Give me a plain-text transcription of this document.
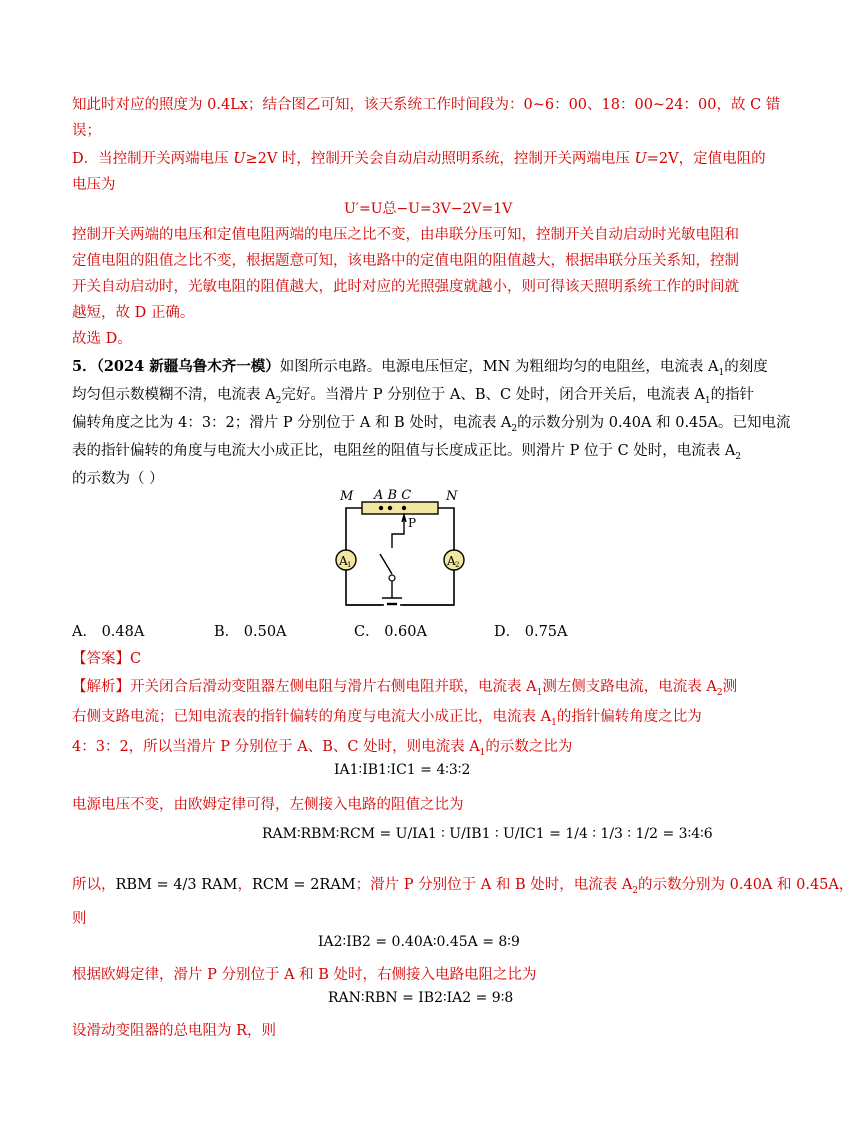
知此时对应的照度为 0.4Lx；结合图乙可知，该天系统工作时间段为：0~6：00、18：00~24：00，故 C 错
误；
D．当控制开关两端电压 U≥2V 时，控制开关会自动启动照明系统，控制开关两端电压 U=2V，定值电阻的
电压为
U′=U总−U=3V−2V=1V
控制开关两端的电压和定值电阻两端的电压之比不变，由串联分压可知，控制开关自动启动时光敏电阻和
定值电阻的阻值之比不变，根据题意可知，该电路中的定值电阻的阻值越大，根据串联分压关系知，控制
开关自动启动时，光敏电阻的阻值越大，此时对应的光照强度就越小，则可得该天照明系统工作的时间就
越短，故 D 正确。
故选 D。
5．（2024 新疆乌鲁木齐一模）如图所示电路。电源电压恒定，MN 为粗细均匀的电阻丝，电流表 $A_1$的刻度
均匀但示数模糊不清，电流表 $A_2$完好。当滑片 P 分别位于 A、B、C 处时，闭合开关后，电流表 $A_1$的指针
偏转角度之比为 4：3：2；滑片 P 分别位于 A 和 B 处时，电流表 $A_2$的示数分别为 0.40A 和 0.45A。已知电流
表的指针偏转的角度与电流大小成正比，电阻丝的阻值与长度成正比。则滑片 P 位于 C 处时，电流表 $A_2$
的示数为（ ）
A 1	A 2
M A B C	N
P
A． 0.48A	B． 0.50A	C． 0.60A	D． 0.75A
【答案】C
【解析】开关闭合后滑动变阻器左侧电阻与滑片右侧电阻并联，电流表 $A_1$测左侧支路电流，电流表 $A_2$测
右侧支路电流；已知电流表的指针偏转的角度与电流大小成正比，电流表 $A_1$的指针偏转角度之比为
4：3：2，所以当滑片 P 分别位于 A、B、C 处时，则电流表 $A_1$的示数之比为
IA1∶IB1∶IC1 = 4∶3∶2
电源电压不变，由欧姆定律可得，左侧接入电路的阻值之比为
RAM∶RBM∶RCM = U/IA1 ∶ U/IB1 ∶ U/IC1 = 1/4 ∶ 1/3 ∶ 1/2 = 3∶4∶6
所以，RBM = 4/3 RAM，RCM = 2RAM；滑片 P 分别位于 A 和 B 处时，电流表 $A_2$的示数分别为 0.40A 和 0.45A，
则
IA2∶IB2 = 0.40A∶0.45A = 8∶9
根据欧姆定律，滑片 P 分别位于 A 和 B 处时，右侧接入电路电阻之比为
RAN∶RBN = IB2∶IA2 = 9∶8
设滑动变阻器的总电阻为 R，则
